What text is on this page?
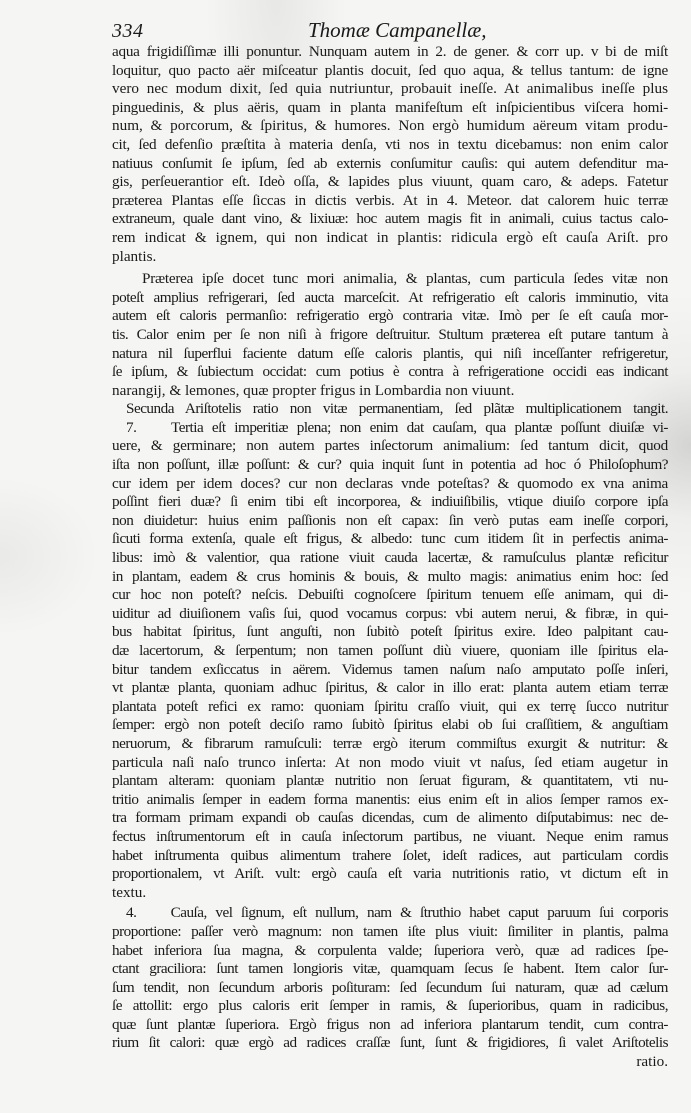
334	Thomæ Campanellæ,
aqua frigidiſſimæ illi ponuntur. Nunquam autem in 2. de gener. & corr up. v bi de miſt
loquitur, quo pacto aër miſceatur plantis docuit, ſed quo aqua, & tellus tantum: de igne
vero nec modum dixit, ſed quia nutriuntur, probauit ineſſe. At animalibus ineſſe plus
pinguedinis, & plus aëris, quam in planta manifeſtum eſt inſpicientibus viſcera homi-
num, & porcorum, & ſpiritus, & humores. Non ergò humidum aëreum vitam produ-
cit, ſed defenſio præſtita à materia denſa, vti nos in textu dicebamus: non enim calor
natiuus conſumit ſe ipſum, ſed ab externis conſumitur cauſis: qui autem defenditur ma-
gis, perſeuerantior eſt. Ideò oſſa, & lapides plus viuunt, quam caro, & adeps. Fatetur
præterea Plantas eſſe ſiccas in dictis verbis. At in 4. Meteor. dat calorem huic terræ
extraneum, quale dant vino, & lixiuæ: hoc autem magis fit in animali, cuius tactus calo-
rem indicat & ignem, qui non indicat in plantis: ridicula ergò eſt cauſa Ariſt. pro
plantis.
Præterea ipſe docet tunc mori animalia, & plantas, cum particula ſedes vitæ non
poteſt amplius refrigerari, ſed aucta marceſcit. At refrigeratio eſt caloris imminutio, vita
autem eſt caloris permanſio: refrigeratio ergò contraria vitæ. Imò per ſe eſt cauſa mor-
tis. Calor enim per ſe non niſi à frigore deſtruitur. Stultum præterea eſt putare tantum à
natura nil ſuperflui faciente datum eſſe caloris plantis, qui niſi inceſſanter refrigeretur,
ſe ipſum, & ſubiectum occidat: cum potius è contra à refrigeratione occidi eas indicant
narangij, & lemones, quæ propter frigus in Lombardia non viuunt.
Secunda Ariſtotelis ratio non vitæ permanentiam, ſed plãtæ multiplicationem tangit.
7.    Tertia eſt imperitiæ plena; non enim dat cauſam, qua plantæ poſſunt diuiſæ vi-
uere, & germinare; non autem partes inſectorum animalium: ſed tantum dicit, quod
iſta non poſſunt, illæ poſſunt: & cur? quia inquit ſunt in potentia ad hoc ó Philoſophum?
cur idem per idem doces? cur non declaras vnde poteſtas? & quomodo ex vna anima
poſſint fieri duæ? ſi enim tibi eſt incorporea, & indiuiſibilis, vtique diuiſo corpore ipſa
non diuidetur: huius enim paſſionis non eſt capax: ſin verò putas eam ineſſe corpori,
ſicuti forma extenſa, quale eſt frigus, & albedo: tunc cum itidem ſit in perfectis anima-
libus: imò & valentior, qua ratione viuit cauda lacertæ, & ramuſculus plantæ reficitur
in plantam, eadem & crus hominis & bouis, & multo magis: animatius enim hoc: ſed
cur hoc non poteſt? neſcis. Debuiſti cognoſcere ſpiritum tenuem eſſe animam, qui di-
uiditur ad diuiſionem vaſis ſui, quod vocamus corpus: vbi autem nerui, & fibræ, in qui-
bus habitat ſpiritus, ſunt anguſti, non ſubitò poteſt ſpiritus exire. Ideo palpitant cau-
dæ lacertorum, & ſerpentum; non tamen poſſunt diù viuere, quoniam ille ſpiritus ela-
bitur tandem exſiccatus in aërem. Videmus tamen naſum naſo amputato poſſe inſeri,
vt plantæ planta, quoniam adhuc ſpiritus, & calor in illo erat: planta autem etiam terræ
plantata poteſt refici ex ramo: quoniam ſpiritu craſſo viuit, qui ex terrę ſucco nutritur
ſemper: ergò non poteſt deciſo ramo ſubitò ſpiritus elabi ob ſui craſſitiem, & anguſtiam
neruorum, & fibrarum ramuſculi: terræ ergò iterum commiſtus exurgit & nutritur: &
particula naſi naſo trunco inſerta: At non modo viuit vt naſus, ſed etiam augetur in
plantam alteram: quoniam plantæ nutritio non ſeruat figuram, & quantitatem, vti nu-
tritio animalis ſemper in eadem forma manentis: eius enim eſt in alios ſemper ramos ex-
tra formam primam expandi ob cauſas dicendas, cum de alimento diſputabimus: nec de-
fectus inſtrumentorum eſt in cauſa inſectorum partibus, ne viuant. Neque enim ramus
habet inſtrumenta quibus alimentum trahere ſolet, ideſt radices, aut particulam cordis
proportionalem, vt Ariſt. vult: ergò cauſa eſt varia nutritionis ratio, vt dictum eſt in
textu.
4.    Cauſa, vel ſignum, eſt nullum, nam & ſtruthio habet caput paruum ſui corporis
proportione: paſſer verò magnum: non tamen iſte plus viuit: ſimiliter in plantis, palma
habet inferiora ſua magna, & corpulenta valde; ſuperiora verò, quæ ad radices ſpe-
ctant graciliora: ſunt tamen longioris vitæ, quamquam ſecus ſe habent. Item calor ſur-
ſum tendit, non ſecundum arboris poſituram: ſed ſecundum ſui naturam, quæ ad cælum
ſe attollit: ergo plus caloris erit ſemper in ramis, & ſuperioribus, quam in radicibus,
quæ ſunt plantæ ſuperiora. Ergò frigus non ad inferiora plantarum tendit, cum contra-
rium ſit calori: quæ ergò ad radices craſſæ ſunt, ſunt & frigidiores, ſi valet Ariſtotelis
ratio.
